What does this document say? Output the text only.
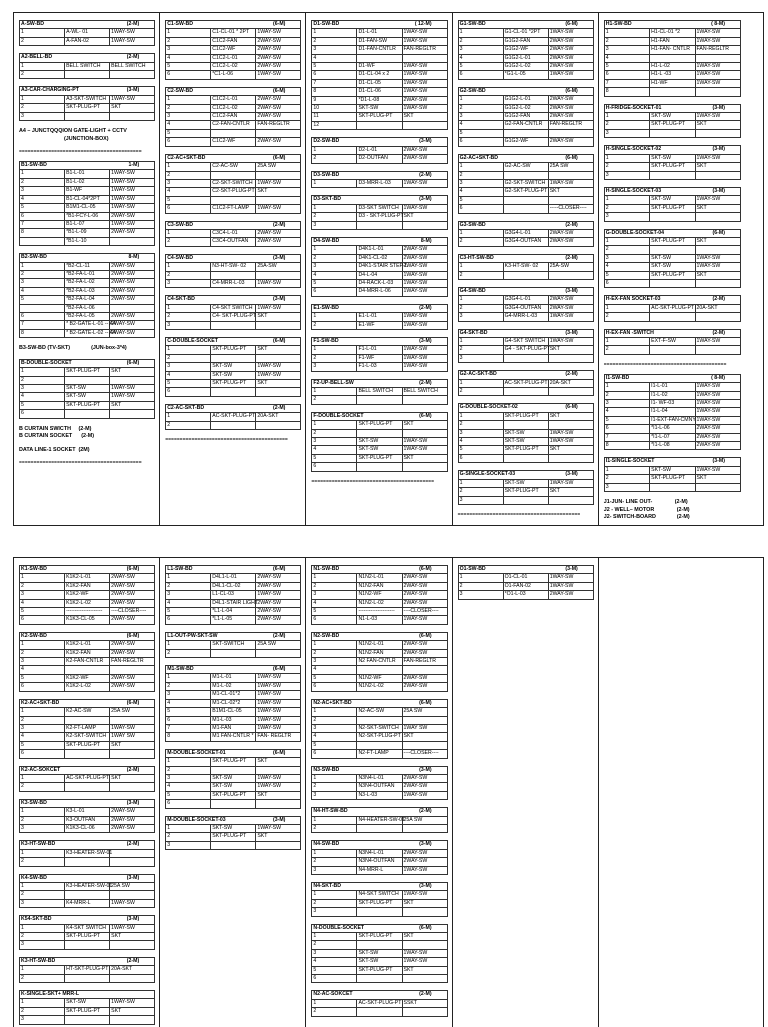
A-SW-BD (2-M)		

1	A-WL- 01	1WAY-SW
2	A-FAN-02	1WAY-SW
A2-BELL-BD (2-M)		

1	BELL SWITCH	BELL SWITCH
2		
A3-CAR-CHARGING-PT (3-M)		

1	A3-SKT-SWITCH	1WAY-SW
2	SKT-PLUG-PT	SKT
3		
A4 – JUNCTQQQION GATE-LIGHT + CCTV
(JUNCTION-BOX)
==========================================
B1-SW-BD 1-M)		

1	B1-L-01	1WAY-SW
2	B1-L-02	1WAY-SW
3	B1-WF	1WAY-SW
4	B1-CL-04*2PT	1WAY-SW
5	B1M1-CL-05	1WAY-SW
6	*B1-FCY-L-06	2WAY-SW
7	B1-L-07	1WAY-SW
8	*B1-L-09	2WAY-SW
	*B1-L-10	
B2-SW-BD 8-M)		

1	*B2-CL-11	2WAY-SW
2	*B2-FA-L-01	2WAY-SW
3	*B2-FA-L-02	2WAY-SW
4	*B2-FA-L-03	2WAY-SW
5	*B2-FA-L-04	2WAY-SW
	*B2-FA-L-06	
6	*B2-FA-L-05	2WAY-SW
7	* B2-GATE-L-01 -- A4	2WAY-SW
8	* B2-GATE-L-02 -- A4	2WAY-SW
B3-SW-BD (TV-SKT)              (JUN-box-3*4)
B-DOUBLE-SOCKET (6-M)		

1	SKT-PLUG-PT	SKT
2		
3	SKT-SW	1WAY-SW
4	SKT-SW	1WAY-SW
5	SKT-PLUG-PT	SKT
6		
B CURTAIN SWICTH     (2-M)
B CURTAIN SOCKET      (2-M)
DATA LINE-1 SOCKET  (2M)
==========================================
C1-SW-BD (6-M)		

1	C1-CL-01 * 2PT	1WAY-SW
2	C1C2-FAN	2WAY-SW
3	C1C2-WF	2WAY-SW
4	C1C2-L-01	2WAY-SW
5	C1C2-L-02	2WAY-SW
6	*C1-L-06	1WAY-SW
C2-SW-BD (6-M)		

1	C1C2-L-01	2WAY-SW
2	C1C2-L-02	2WAY-SW
3	C1C2-FAN	2WAY-SW
4	C2-FAN-CNTLR	FAN-REGLTR
5		
6	C1C2-WF	2WAY-SW
C2-AC+SKT-BD (6-M)		

1	C2-AC-SW	25A SW
2		
3	C2-SKT-SWITCH	1WAY-SW
4	C2-SKT-PLUG-PT	SKT
5		
6	C1C2-FT-LAMP	1WAY-SW
C3-SW-BD (2-M)		

1	C3C4-L-01	2WAY-SW
2	C3C4-OUTFAN	2WAY-SW
C4-SW-BD (3-M)		

1	N3-HT-SW- 02	25A-SW
2		
3	C4-MRR-L-03	1WAY-SW
C4-SKT-BD (3-M)		

1	C4-SKT SWITCH	1WAY-SW
2	C4- SKT-PLUG-PT	SKT
3		
C-DOUBLE-SOCKET (6-M)		

1	SKT-PLUG-PT	SKT
2		
3	SKT-SW	1WAY-SW
4	SKT-SW	1WAY-SW
5	SKT-PLUG-PT	SKT
6		
C2-AC-SKT-BD (2-M)		

1	AC-SKT-PLUG-PT	20A-SKT
2		
==========================================
D1-SW-BD ( 12-M)		

1	D1-L-01	1WAY-SW
2	D1-FAN-SW	1WAY-SW
3	D1-FAN-CNTLR	FAN-REGLTR
4		
5	D1-WF	1WAY-SW
6	D1-CL-04 x 2	1WAY-SW
7	D1-CL-05	1WAY-SW
8	D1-CL-06	1WAY-SW
9	*D1-L-08	2WAY-SW
10	SKT-SW	1WAY-SW
11	SKT-PLUG-PT	SKT
12		
D2-SW-BD (3-M)		

1	D2-L-01	2WAY-SW
2	D2-OUTFAN	2WAY-SW
D3-SW-BD	(2-M)

1	D3-MRR-L-03	1WAY-SW
D3-SKT-BD (3-M)		

1	D3-SKT SWITCH	1WAY-SW
2	D3 - SKT-PLUG-PT	SKT
3		
D4-SW-BD 8-M)		

1	D4K1-L-01	2WAY-SW
2	D4K1-CL-02	2WAY-SW
3	D4K1-STAIR STEP-L	2WAY-SW
4	D4-L-04	1WAY-SW
5	D4-RACK-L-03	1WAY-SW
6	D4-MRR-L-06	1WAY-SW
E1-SW-BD (2-M)		

1	E1-L-01	1WAY-SW
2	E1-WF	1WAY-SW
F1-SW-BD (3-M)		

1	F1-L-01	1WAY-SW
2	F1-WF	1WAY-SW
3	F1-L-03	1WAY-SW
F2-UP-BELL-SW (2-M)		

1	BELL SWITCH	BELL SWITCH
2		
F-DOUBLE-SOCKET (6-M)		

1	SKT-PLUG-PT	SKT
2		
3	SKT-SW	1WAY-SW
4	SKT-SW	1WAY-SW
5	SKT-PLUG-PT	SKT
6		
==========================================
G1-SW-BD (6-M)		

1	G1-CL-01 *2PT	1WAY-SW
2	G1G2-FAN	2WAY-SW
3	G1G2-WF	2WAY-SW
4	G1G2-L-01	2WAY-SW
5	G1G2-L-02	2WAY-SW
6	*G1-L-05	1WAY-SW
G2-SW-BD (6-M)		

1	G1G2-L-01	2WAY-SW
2	G1G2-L-02	2WAY-SW
3	G1G2-FAN	2WAY-SW
4	G2-FAN-CNTLR	FAN-REGLTR
5		
6	G1G2-WF	2WAY-SW
G2-AC+SKT-BD (6-M)		

1	G2-AC-SW	25A SW
2		
3	G2-SKT-SWITCH	1WAY-SW
4	G2-SKT-PLUG-PT	SKT
5		
6		-----CLOSER----
G3-SW-BD (2-M)		

1	G3G4-L-01	2WAY-SW
2	G3G4-OUTFAN	2WAY-SW
C3-HT-SW-BD (2-M)		

1	K3-HT-SW- 02	25A-SW
2		
G4-SW-BD (3-M)		

1	G3G4-L-01	2WAY-SW
2	G3G4-OUTFAN	2WAY-SW
3	G4-MRR-L-03	1WAY-SW
G4-SKT-BD (3-M)		

1	G4-SKT SWITCH	1WAY-SW
2	G4 - SKT-PLUG-PT	SKT
3		
G2-AC-SKT-BD (2-M)		

1	AC-SKT-PLUG-PT	20A-SKT
2		
G-DOUBLE-SOCKET-02 (6-M)		

1	SKT-PLUG-PT	SKT
2		
3	SKT-SW	1WAY-SW
4	SKT-SW	1WAY-SW
5	SKT-PLUG-PT	SKT
6		
G-SINGLE-SOCKET-03 (3-M)		

1	SKT-SW	1WAY-SW
2	SKT-PLUG-PT	SKT
3		
==========================================
H1-SW-BD ( 8-M)		

1	H1-CL-01 *2	1WAY-SW
2	H1-FAN	1WAY-SW
3	H1-FAN- CNTLR	FAN-REGLTR
4		
5	H1-L-02	1WAY-SW
6	H1-L -03	1WAY-SW
7	H1-WF	1WAY-SW
8		
H-FRIDGE-SOCKET-01 (3-M)		

1	SKT-SW	1WAY-SW
2	SKT-PLUG-PT	SKT
3		
H-SINGLE-SOCKET-02 (3-M)		

1	SKT-SW	1WAY-SW
2	SKT-PLUG-PT	SKT
3		
H-SINGLE-SOCKET-03 (3-M)		

1	SKT-SW	1WAY-SW
2	SKT-PLUG-PT	SKT
3		
G-DOUBLE-SOCKET-04 (6-M)		

1	SKT-PLUG-PT	SKT
2		
3	SKT-SW	1WAY-SW
4	SKT-SW	1WAY-SW
5	SKT-PLUG-PT	SKT
6		
H-EX-FAN SOCKET-03 (2-M)		

1	AC-SKT-PLUG-PT	20A-SKT
2		
H-EX-FAN -SWITCH (2-M)		

1	EXT-F-SW	1WAY-SW
2		
==========================================
I1-SW-BD ( 8-M)		

1	I1-L-01	1WAY-SW
2	I1-L-02	1WAY-SW
3	I1- WF-03	1WAY-SW
4	I1-L-04	1WAY-SW
5	I1-EXT-FAN-CMNY	1WAY-SW
6	*I1-L-06	2WAY-SW
7	*I1-L-07	2WAY-SW
8	*I1-L-08	2WAY-SW
I1-SINGLE-SOCKET (3-M)		

1	SKT-SW	1WAY-SW
2	SKT-PLUG-PT	SKT
3		
J1-JUN- LINE OUT-               (2-M)
J2 - WELL– MOTOR               (2-M)
J2- SWITCH-BOARD              (2-M)
K1-SW-BD (6-M)		

1	K1K2-L-01	2WAY-SW
2	K1K2-FAN	2WAY-SW
3	K1K2-WF	2WAY-SW
4	K1K2-L-02	2WAY-SW
5	---------------------	----CLOSER----
6	K1K3-CL-05	2WAY-SW
K2-SW-BD (6-M)		

1	K1K2-L-01	2WAY-SW
2	K1K2-FAN	2WAY-SW
3	K2-FAN-CNTLR	FAN-REGLTR
4		
5	K1K2-WF	2WAY-SW
6	K1K2-L-02	2WAY-SW
K2-AC+SKT-BD (6-M)		

1	K2-AC-SW	25A SW
2		
3	K2-FT-LAMP	1WAY-SW
4	K2-SKT-SWITCH	1WAY SW
5	SKT-PLUG-PT	SKT
6		
K2-AC-SOKCET (2-M)		

1	AC-SKT-PLUG-PT	SKT
2		
K3-SW-BD (3-M)		

1	K3-L-01	2WAY-SW
2	K3-OUTFAN	2WAY-SW
3	K1K3-CL-06	2WAY-SW
K3-HT-SW-BD (2-M)		

1	K3-HEATER-SW-01	
2		
K4-SW-BD (3-M)		

1	K3-HEATER-SW-01	25A SW
2		
3	K4-MRR-L	1WAY-SW
K54-SKT-BD (3-M)		

1	K4-SKT SWITCH	1WAY-SW
2	SKT-PLUG-PT	SKT
3		
K3-HT-SW-BD (2-M)		

1	HT-SKT-PLUG-PT	20A-SKT
2		
K-SINGLE-SKT+ MRR-L		

1	SKT-SW	1WAY-SW
2	SKT-PLUG-PT	SKT
3		
L1-SW-BD (6-M)		

1	D4L1-L-01	2WAY-SW
2	D4L1-CL-02	2WAY-SW
3	L1-CL-03	1WAY-SW
4	D4L1-STAIR LIGHT	2WAY-SW
5	*L1-L-04	2WAY-SW
6	*L1-L-05	2WAY-SW
L1-OUT-PW-SKT-SW (2-M)		

1	SKT-SWITCH	25A SW
2		
M1-SW-BD (6-M)		

1	M1-L-01	1WAY-SW
2	M1-L-02	1WAY-SW
3	M1-CL-01*2	1WAY-SW
4	M1-CL-02*2	1WAY-SW
5	B1M1-CL-05	1WAY-SW
6	M1-L-03	1WAY-SW
7	M1-FAN	1WAY-SW
8	M1 FAN-CNTLR *	FAN- REGLTR
M-DOUBLE-SOCKET-01 (6-M)		

1	SKT-PLUG-PT	SKT
2		
3	SKT-SW	1WAY-SW
4	SKT-SW	1WAY-SW
5	SKT-PLUG-PT	SKT
6		
M-DOUBLE-SOCKET-03 (3-M)		

1	SKT-SW	1WAY-SW
2	SKT-PLUG-PT	SKT
3		
N1-SW-BD (6-M)		

1	N1N2-L-01	2WAY-SW
2	N1N2-FAN	2WAY-SW
3	N1N2-WF	2WAY-SW
4	N1N2-L-02	2WAY-SW
5	---------------------	----CLOSER----
6	N1-L-03	1WAY-SW
N2-SW-BD (6-M)		

1	N1N2-L-01	2WAY-SW
2	N1N2-FAN	2WAY-SW
3	N2 FAN-CNTLR	FAN-REGLTR
4		
5	N1N2-WF	2WAY-SW
6	N1N2-L-02	2WAY-SW
N2-AC+SKT-BD (6-M)		

1	N2-AC-SW	25A SW
2		
3	N2-SKT-SWITCH	1WAY SW
4	N2-SKT-PLUG-PT	SKT
5		
6	N2-FT-LAMP	----CLOSER----
N3-SW-BD (3-M)		

1	N3N4-L-01	2WAY-SW
2	N3N4-OUTFAN	2WAY-SW
3	N3-L-03	1WAY-SW
N4-HT-SW-BD (2-M)		

1	N4-HEATER-SW-01	25A SW
2		
N4-SW-BD (3-M)		

1	N3N4-L-01	2WAY-SW
2	N3N4-OUTFAN	2WAY-SW
3	N4-MRR-L	1WAY-SW
N4-SKT-BD (3-M)		

1	N4-SKT SWITCH	1WAY-SW
2	SKT-PLUG-PT	SKT
3		
N-DOUBLE-SOCKET (6-M)		

1	SKT-PLUG-PT	SKT
2		
3	SKT-SW	1WAY-SW
4	SKT-SW	1WAY-SW
5	SKT-PLUG-PT	SKT
6		
N2-AC-SOKCET (2-M)		

1	AC-SKT-PLUG-PT	SSKT
2		
O1-SW-BD (3-M)		

1	O1-CL-01	1WAY-SW
2	O1-FAN-02	1WAY-SW
3	*O1-L-03	2WAY-SW
